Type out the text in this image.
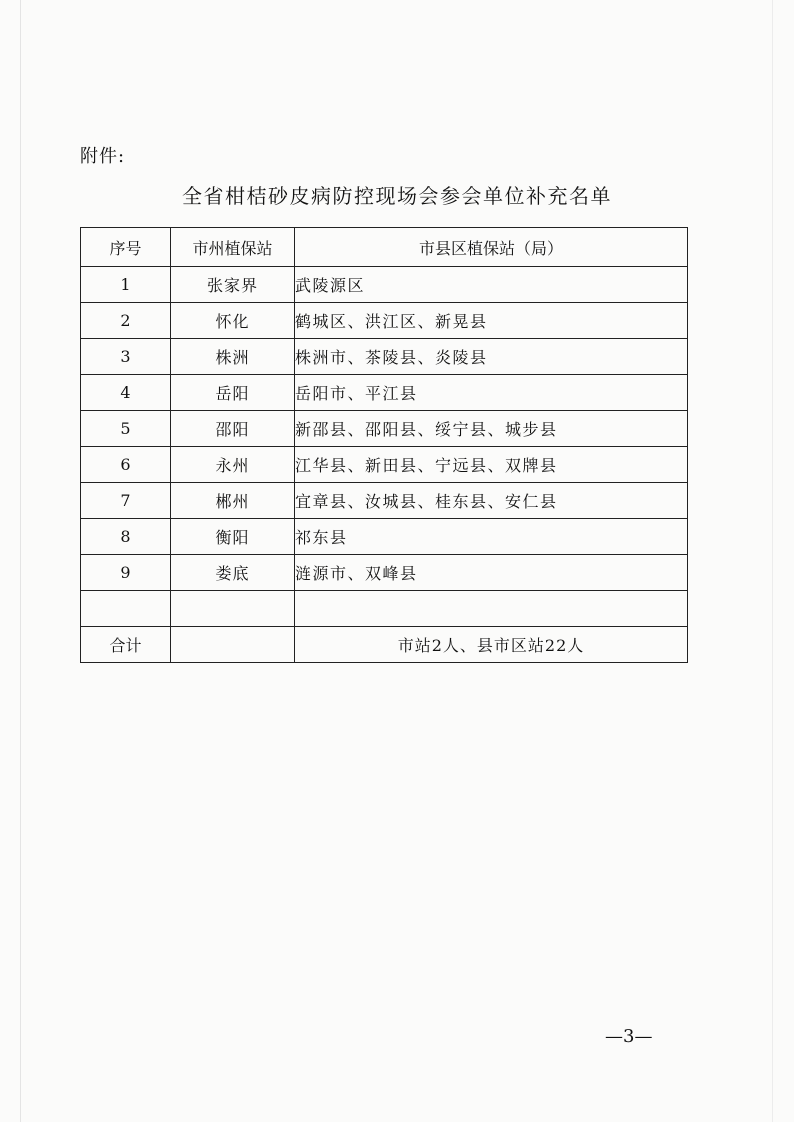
附件:
全省柑桔砂皮病防控现场会参会单位补充名单
序号	市州植保站	市县区植保站（局）
1	张家界	武陵源区
2	怀化	鹤城区、洪江区、新晃县
3	株洲	株洲市、茶陵县、炎陵县
4	岳阳	岳阳市、平江县
5	邵阳	新邵县、邵阳县、绥宁县、城步县
6	永州	江华县、新田县、宁远县、双牌县
7	郴州	宜章县、汝城县、桂东县、安仁县
8	衡阳	祁东县
9	娄底	涟源市、双峰县

合计		市站2人、县市区站22人
—3—
